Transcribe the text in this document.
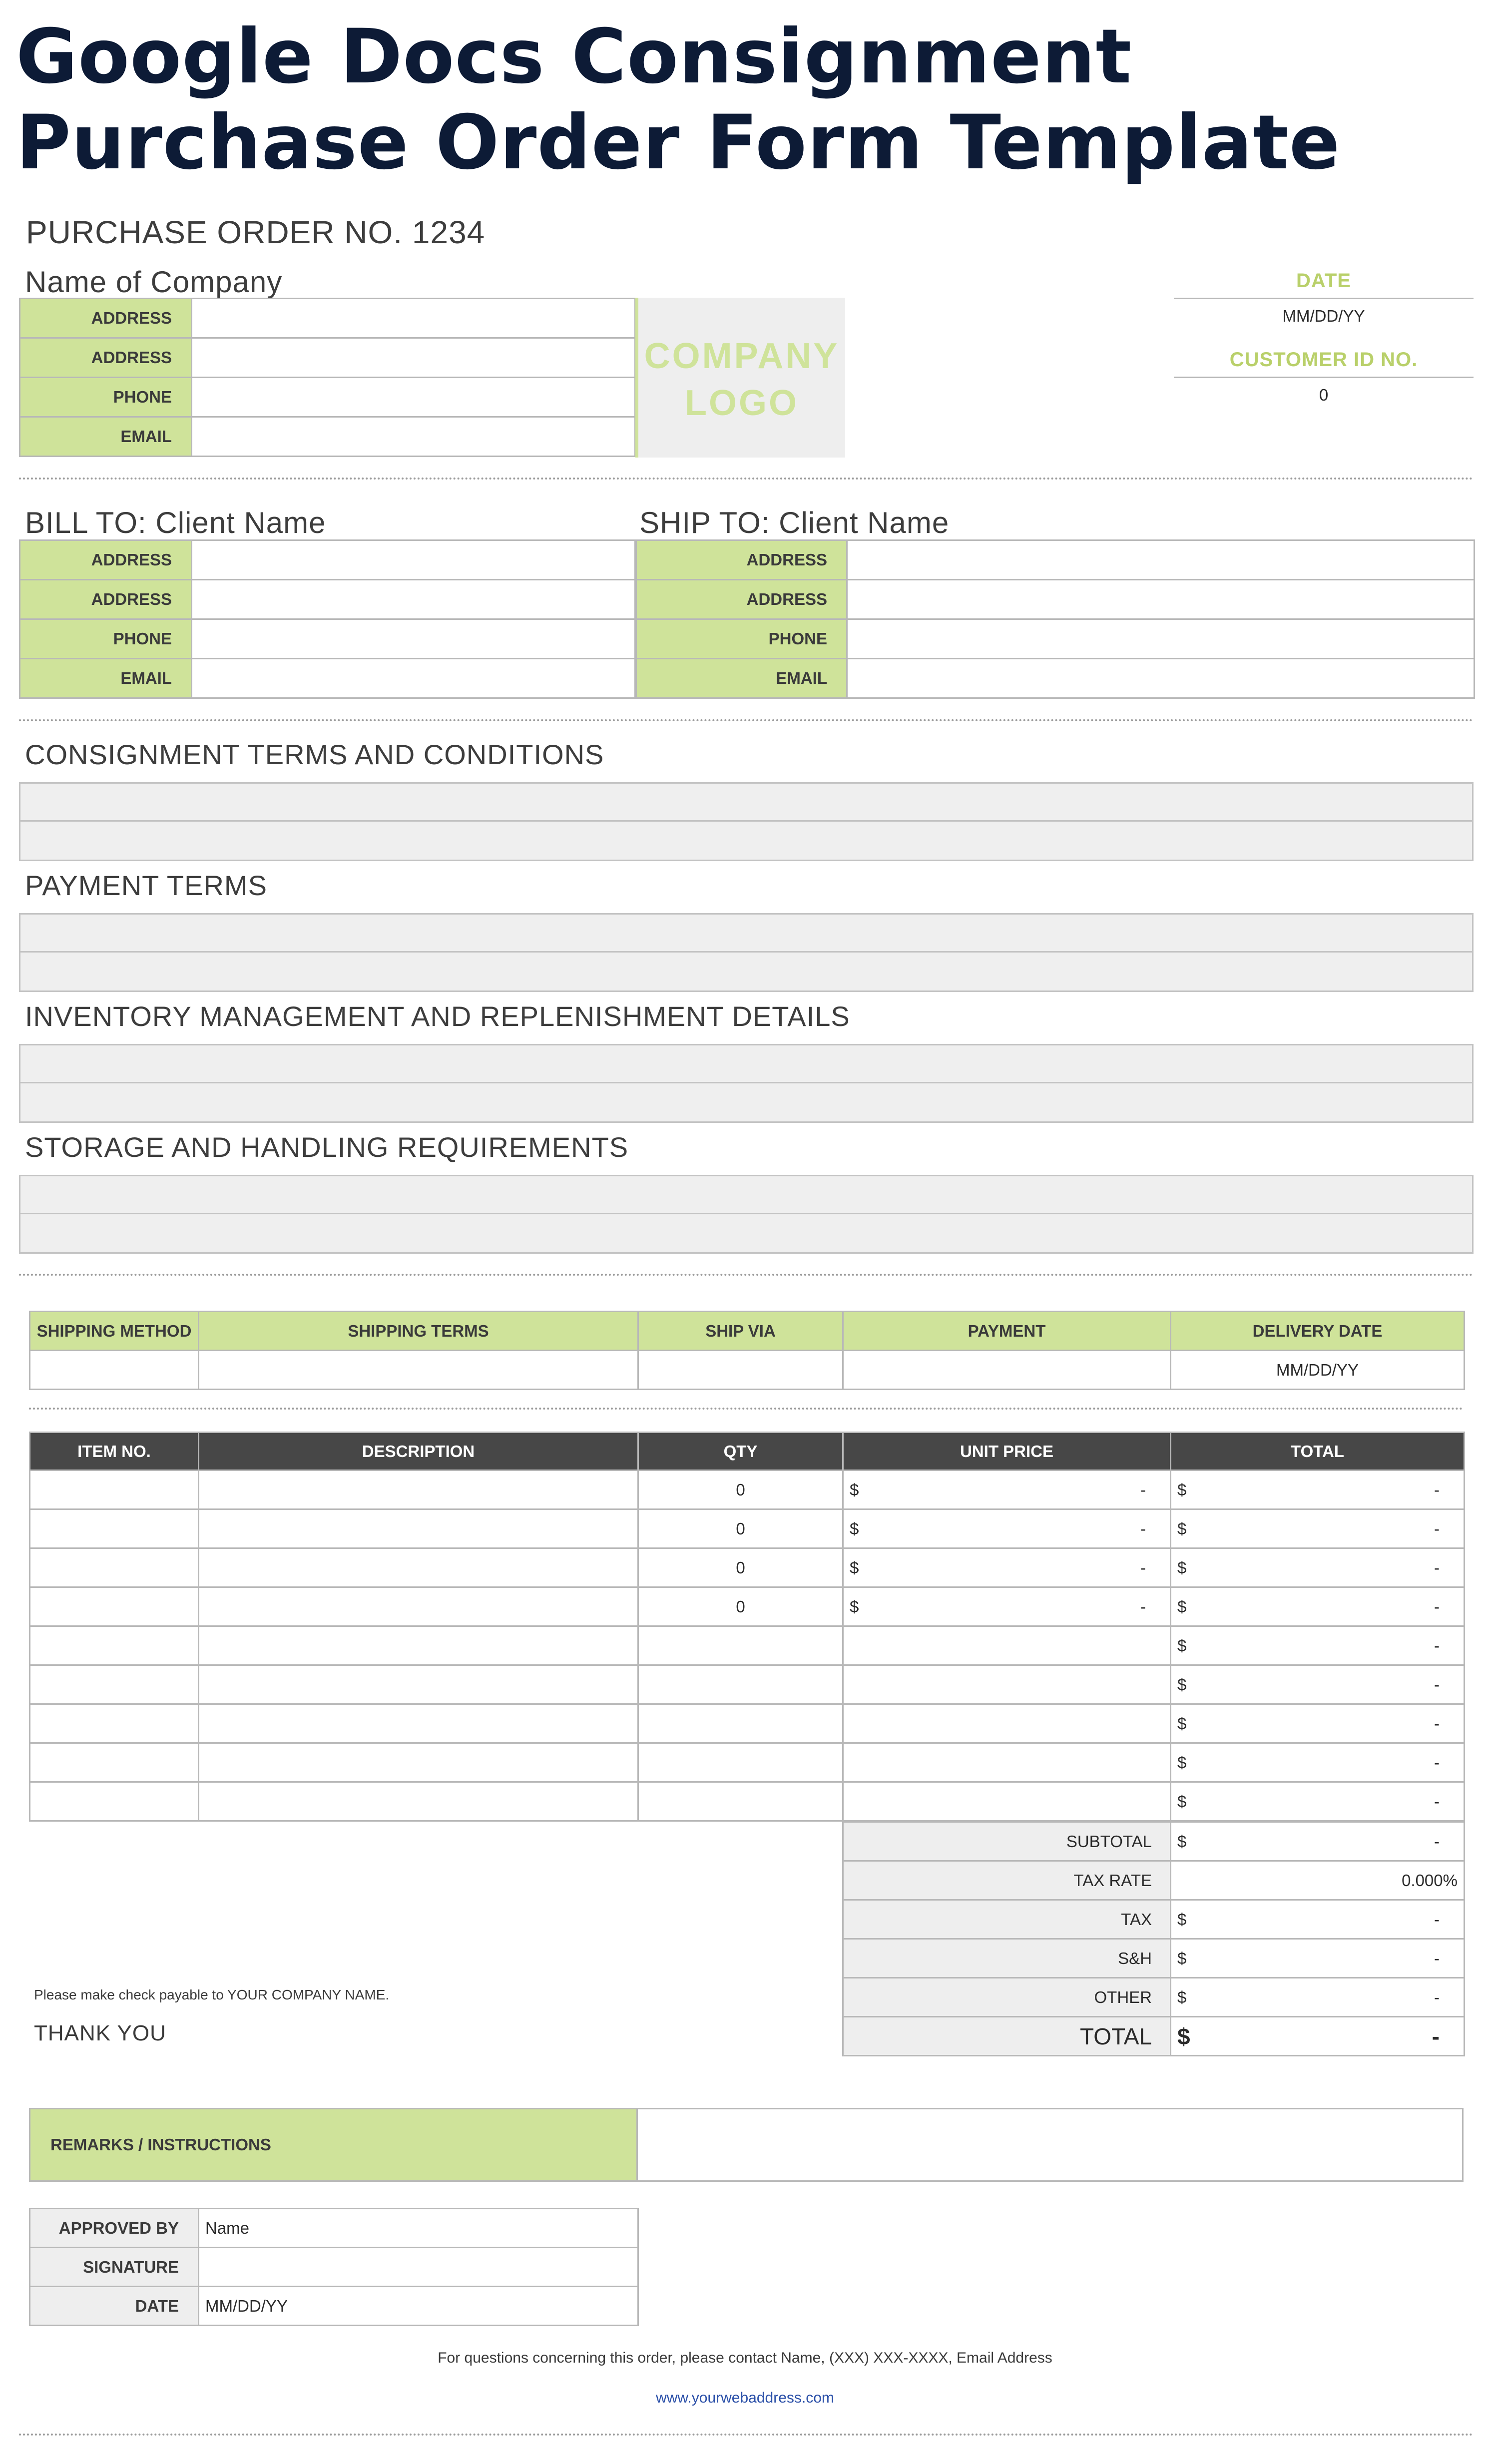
Google Docs Consignment
Purchase Order Form Template
PURCHASE ORDER NO. 1234
Name of Company
ADDRESS	
ADDRESS	
PHONE	
EMAIL	
COMPANY
LOGO
DATE
MM/DD/YY
CUSTOMER ID NO.
0
BILL TO: Client Name	SHIP TO: Client Name
ADDRESS	
ADDRESS	
PHONE	
EMAIL	
ADDRESS	
ADDRESS	
PHONE	
EMAIL	
CONSIGNMENT TERMS AND CONDITIONS
PAYMENT TERMS
INVENTORY MANAGEMENT AND REPLENISHMENT DETAILS
STORAGE AND HANDLING REQUIREMENTS
SHIPPING METHOD	SHIPPING TERMS	SHIP VIA	PAYMENT	DELIVERY DATE
				MM/DD/YY
ITEM NO.	DESCRIPTION	QTY	UNIT PRICE	TOTAL
		0	$ -	$ -

		0	$ -	$ -

		0	$ -	$ -

		0	$ -	$ -

				$ -

				$ -

				$ -

				$ -

				$ -
SUBTOTAL	$ -

TAX RATE	0.000%
TAX	$ -

S&H	$ -

OTHER	$ -

TOTAL	$ -
Please make check payable to YOUR COMPANY NAME.
THANK YOU
REMARKS / INSTRUCTIONS
APPROVED BY	Name
SIGNATURE	
DATE	MM/DD/YY
For questions concerning this order, please contact Name, (XXX) XXX-XXXX, Email Address
www.yourwebaddress.com
